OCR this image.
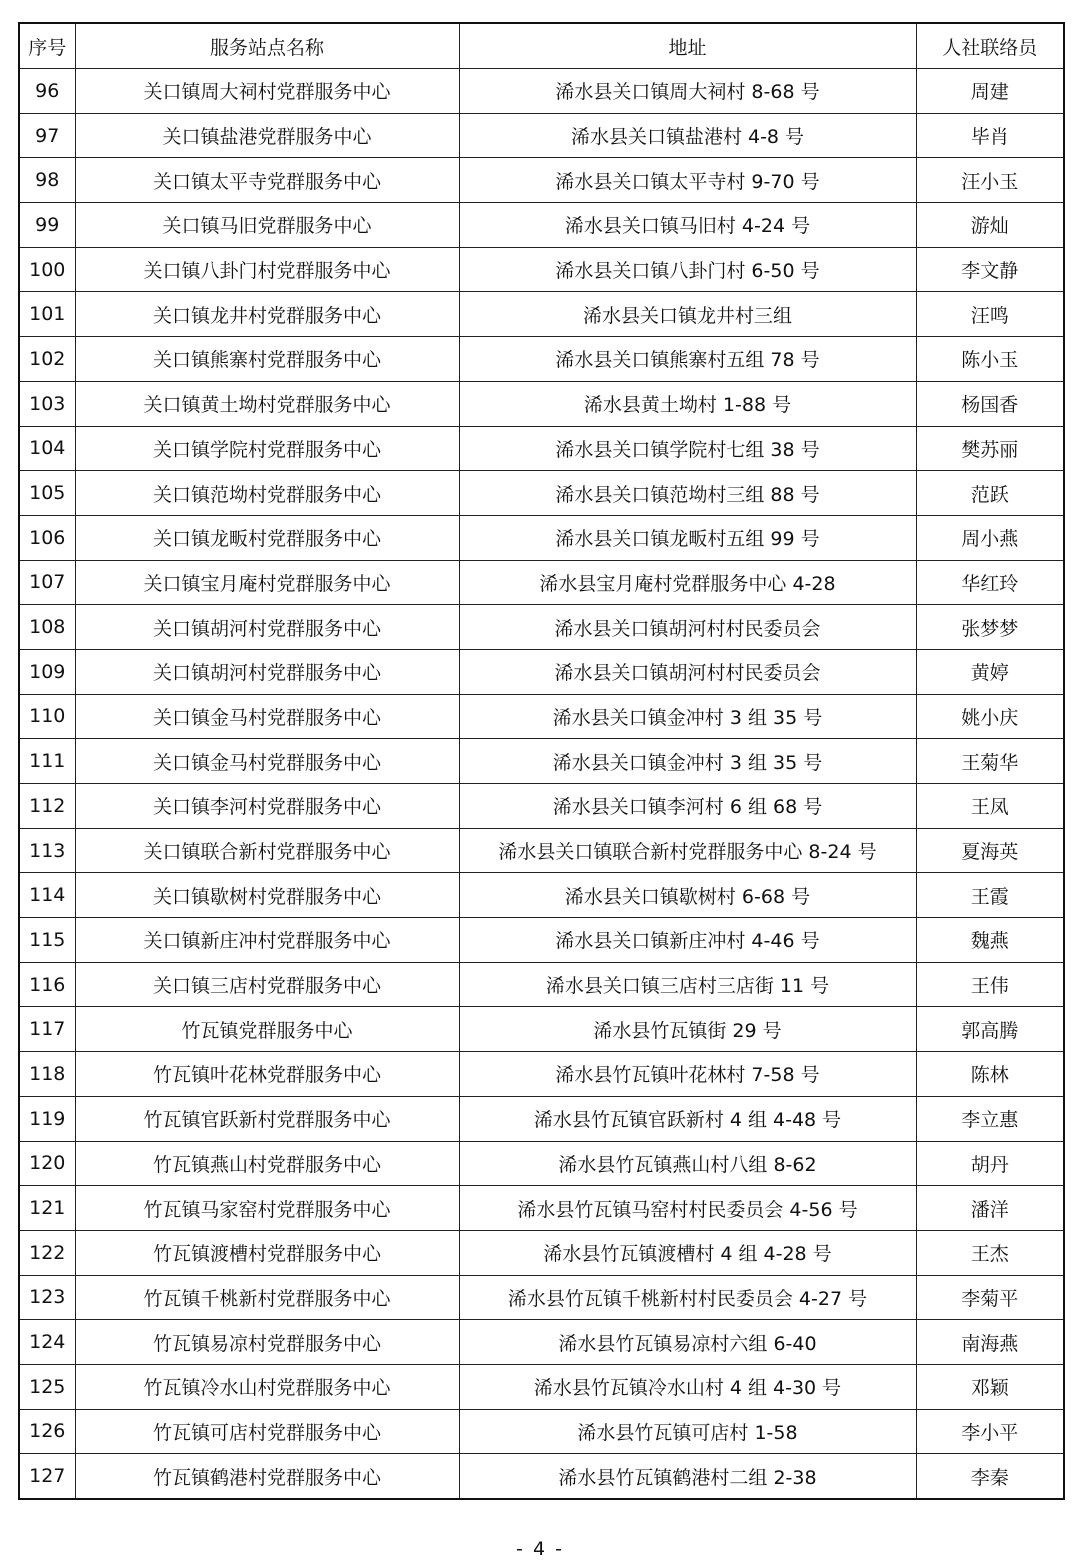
序号	服务站点名称	地址	人社联络员
96	关口镇周大祠村党群服务中心	浠水县关口镇周大祠村 8-68 号	周建
97	关口镇盐港党群服务中心	浠水县关口镇盐港村 4-8 号	毕肖
98	关口镇太平寺党群服务中心	浠水县关口镇太平寺村 9-70 号	汪小玉
99	关口镇马旧党群服务中心	浠水县关口镇马旧村 4-24 号	游灿
100	关口镇八卦门村党群服务中心	浠水县关口镇八卦门村 6-50 号	李文静
101	关口镇龙井村党群服务中心	浠水县关口镇龙井村三组	汪鸣
102	关口镇熊寨村党群服务中心	浠水县关口镇熊寨村五组 78 号	陈小玉
103	关口镇黄土坳村党群服务中心	浠水县黄土坳村 1-88 号	杨国香
104	关口镇学院村党群服务中心	浠水县关口镇学院村七组 38 号	樊苏丽
105	关口镇范坳村党群服务中心	浠水县关口镇范坳村三组 88 号	范跃
106	关口镇龙畈村党群服务中心	浠水县关口镇龙畈村五组 99 号	周小燕
107	关口镇宝月庵村党群服务中心	浠水县宝月庵村党群服务中心 4-28	华红玲
108	关口镇胡河村党群服务中心	浠水县关口镇胡河村村民委员会	张梦梦
109	关口镇胡河村党群服务中心	浠水县关口镇胡河村村民委员会	黄婷
110	关口镇金马村党群服务中心	浠水县关口镇金冲村 3 组 35 号	姚小庆
111	关口镇金马村党群服务中心	浠水县关口镇金冲村 3 组 35 号	王菊华
112	关口镇李河村党群服务中心	浠水县关口镇李河村 6 组 68 号	王凤
113	关口镇联合新村党群服务中心	浠水县关口镇联合新村党群服务中心 8-24 号	夏海英
114	关口镇歇树村党群服务中心	浠水县关口镇歇树村 6-68 号	王霞
115	关口镇新庄冲村党群服务中心	浠水县关口镇新庄冲村 4-46 号	魏燕
116	关口镇三店村党群服务中心	浠水县关口镇三店村三店街 11 号	王伟
117	竹瓦镇党群服务中心	浠水县竹瓦镇街 29 号	郭高腾
118	竹瓦镇叶花林党群服务中心	浠水县竹瓦镇叶花林村 7-58 号	陈林
119	竹瓦镇官跃新村党群服务中心	浠水县竹瓦镇官跃新村 4 组 4-48 号	李立惠
120	竹瓦镇燕山村党群服务中心	浠水县竹瓦镇燕山村八组 8-62	胡丹
121	竹瓦镇马家窑村党群服务中心	浠水县竹瓦镇马窑村村民委员会 4-56 号	潘洋
122	竹瓦镇渡槽村党群服务中心	浠水县竹瓦镇渡槽村 4 组 4-28 号	王杰
123	竹瓦镇千桃新村党群服务中心	浠水县竹瓦镇千桃新村村民委员会 4-27 号	李菊平
124	竹瓦镇易凉村党群服务中心	浠水县竹瓦镇易凉村六组 6-40	南海燕
125	竹瓦镇冷水山村党群服务中心	浠水县竹瓦镇冷水山村 4 组 4-30 号	邓颖
126	竹瓦镇可店村党群服务中心	浠水县竹瓦镇可店村 1-58	李小平
127	竹瓦镇鹤港村党群服务中心	浠水县竹瓦镇鹤港村二组 2-38	李秦
- 4 -
